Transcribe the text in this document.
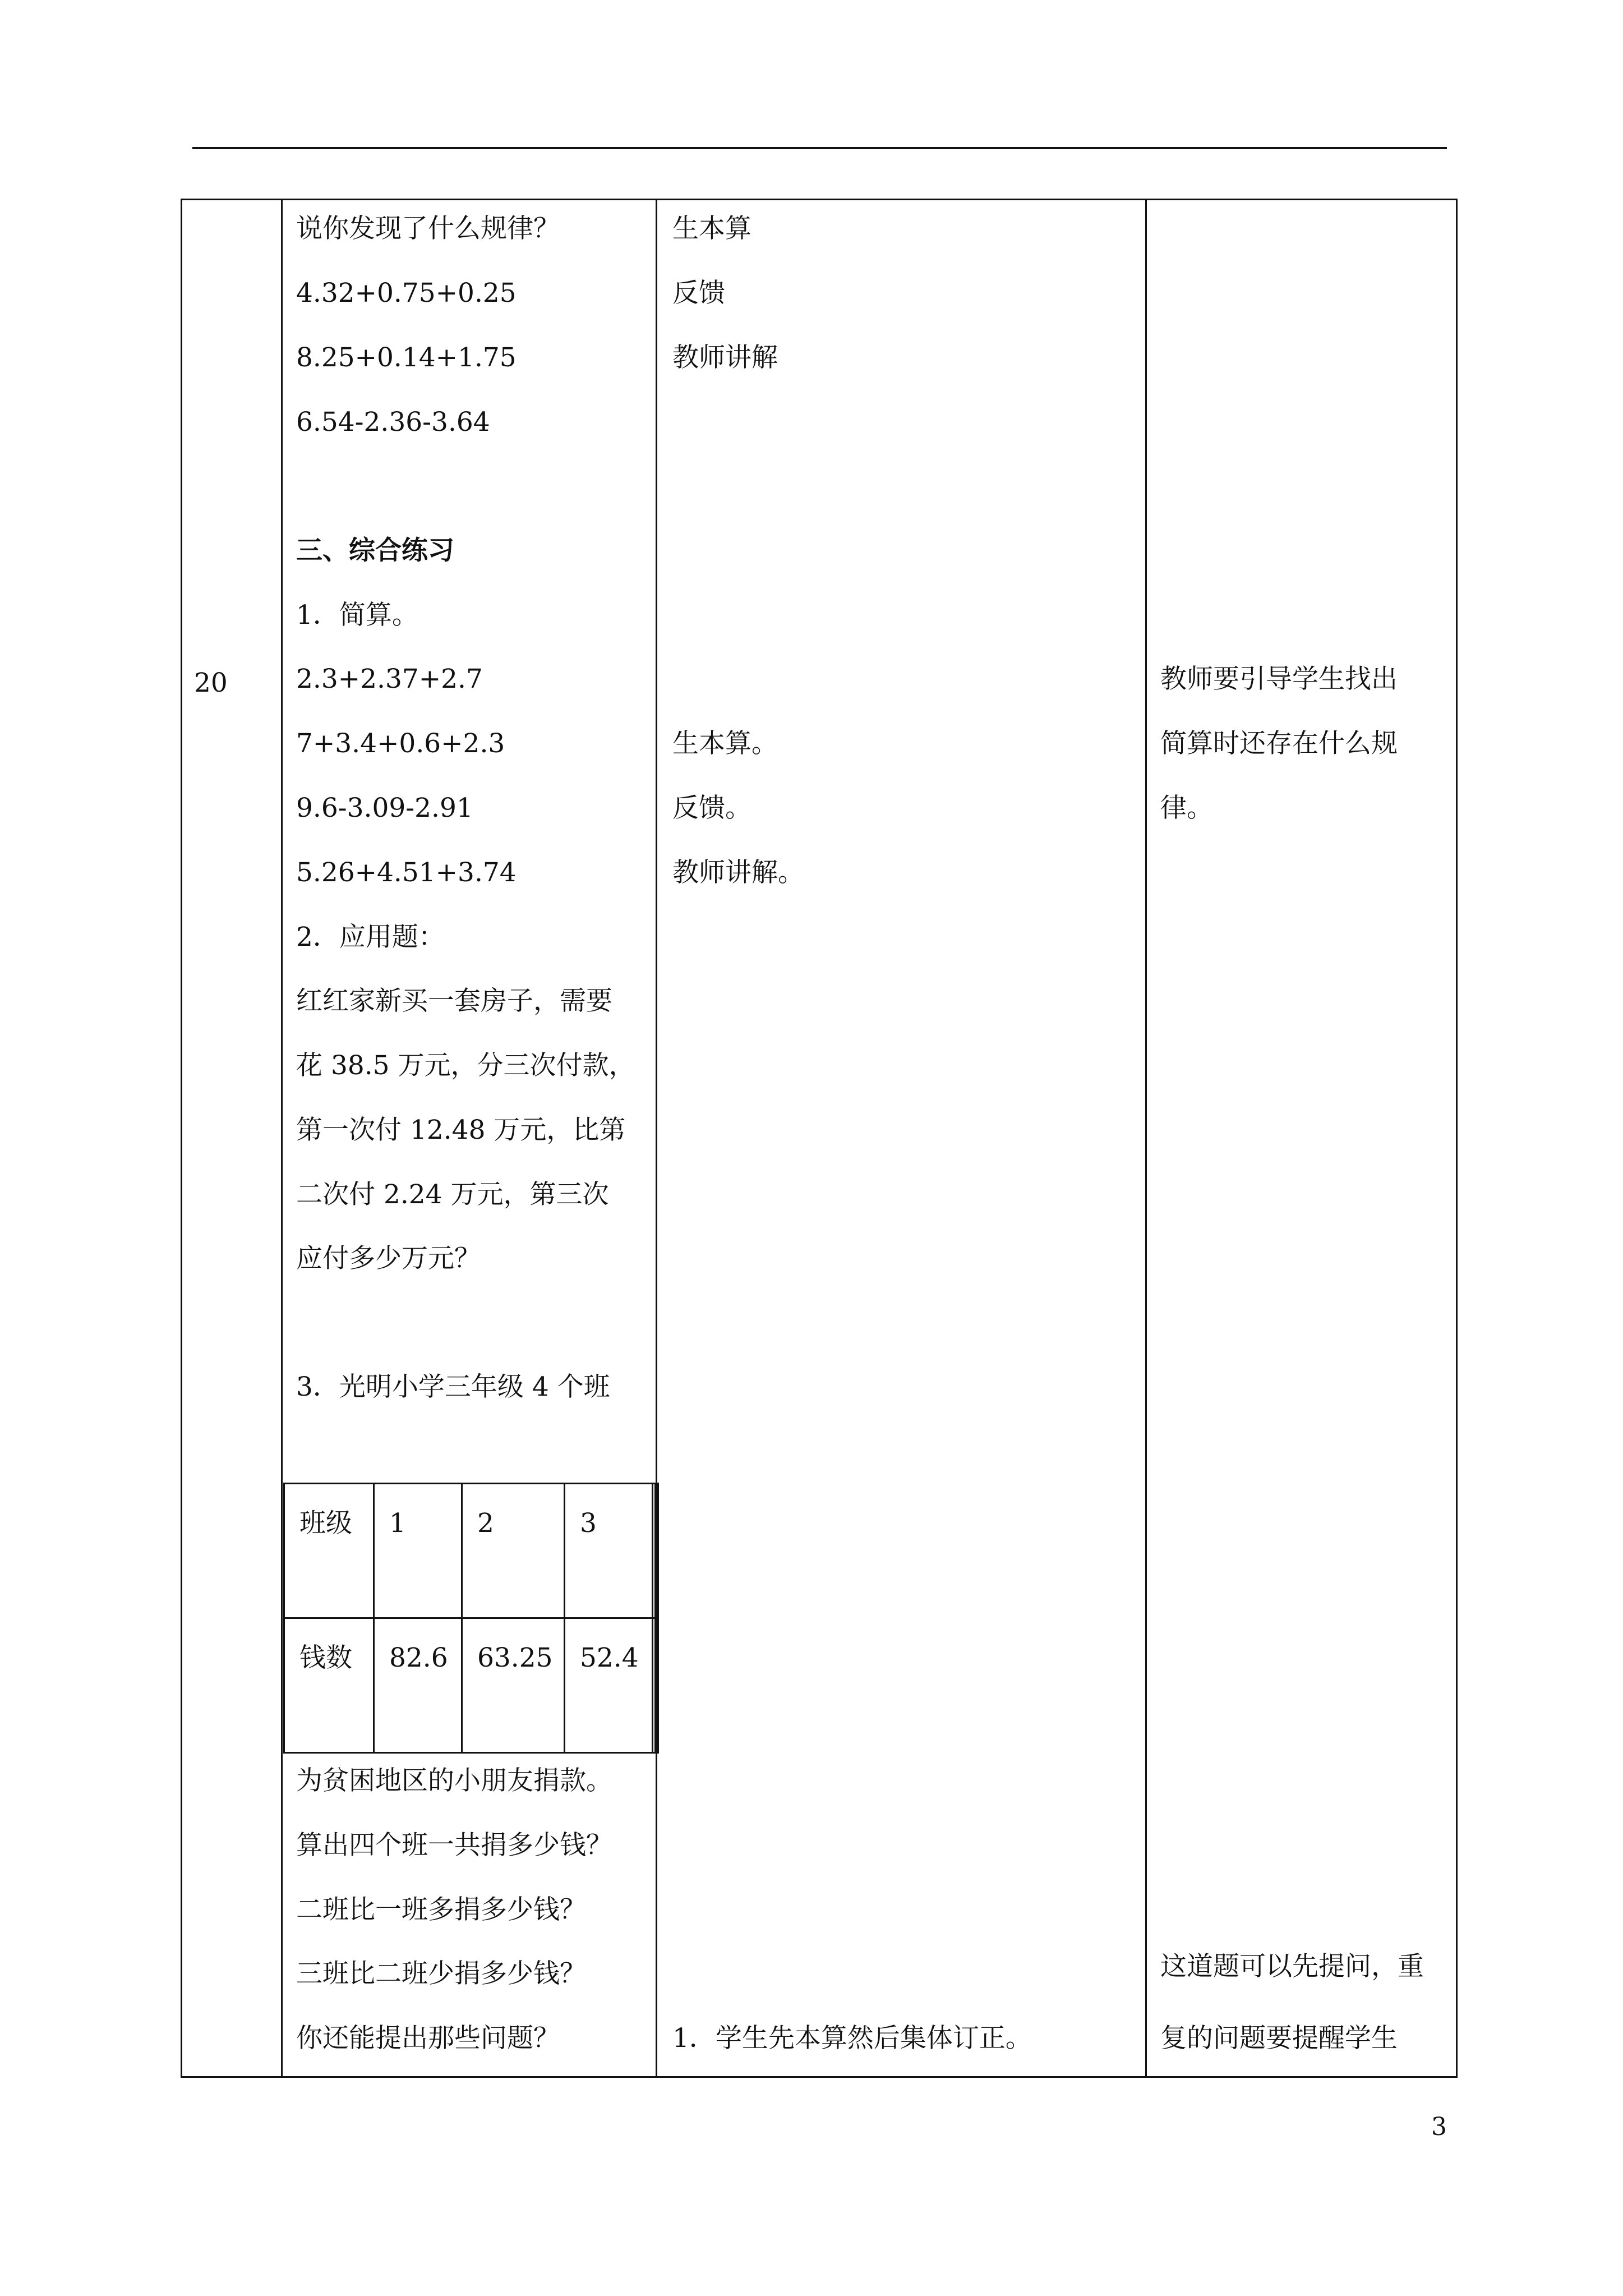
20
说你发现了什么规律？
4.32+0.75+0.25
8.25+0.14+1.75
6.54-2.36-3.64
三、综合练习
1．简算。
2.3+2.37+2.7
7+3.4+0.6+2.3
9.6-3.09-2.91
5.26+4.51+3.74
2．应用题：
红红家新买一套房子，需要
花 38.5 万元，分三次付款，
第一次付 12.48 万元，比第
二次付 2.24 万元，第三次
应付多少万元？
3．光明小学三年级 4 个班
班级	1	2	3	
钱数	82.6	63.25	52.4	
为贫困地区的小朋友捐款。
算出四个班一共捐多少钱？
二班比一班多捐多少钱？
三班比二班少捐多少钱？
你还能提出那些问题？
生本算
反馈
教师讲解
生本算。
反馈。
教师讲解。
1．学生先本算然后集体订正。
教师要引导学生找出
简算时还存在什么规
律。
这道题可以先提问，重
复的问题要提醒学生
3
